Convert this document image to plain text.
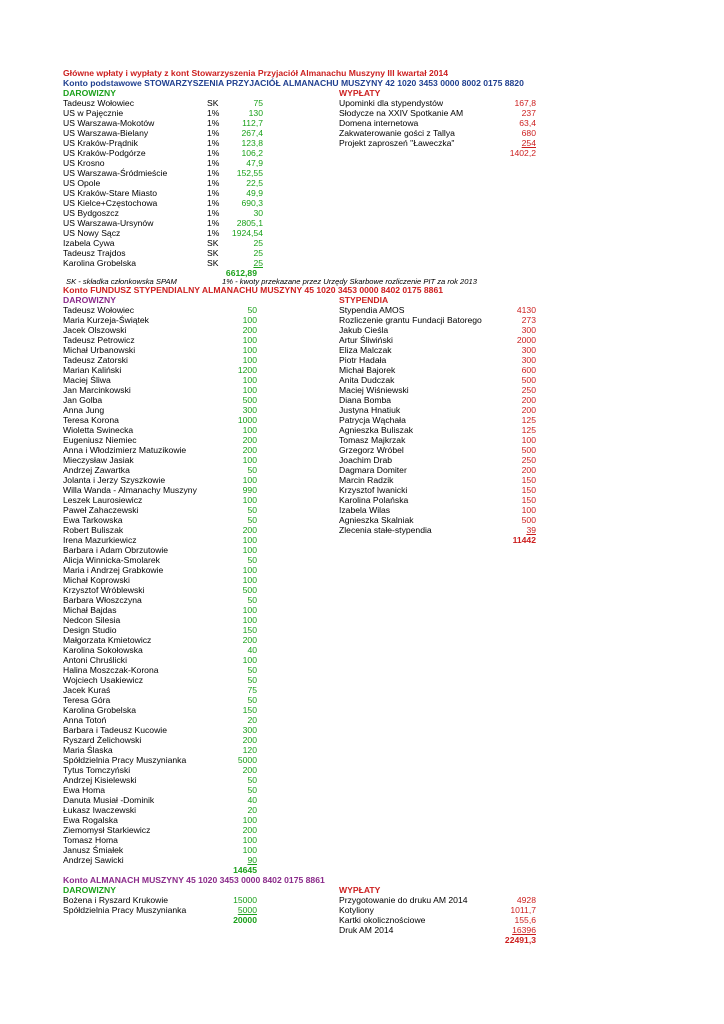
Główne wpłaty i wypłaty z kont Stowarzyszenia Przyjaciół Almanachu Muszyny III kwartał 2014
Konto podstawowe STOWARZYSZENIA PRZYJACIÓŁ ALMANACHU MUSZYNY 42 1020 3453 0000 8002 0175 8820
DAROWIZNY	WYPŁATY
Tadeusz Wołowiec	SK	75
US w Pajęcznie	1%	130
US Warszawa-Mokotów	1%	112,7
US Warszawa-Bielany	1%	267,4
US Kraków-Prądnik	1%	123,8
US Kraków-Podgórze	1%	106,2
US Krosno	1%	47,9
US Warszawa-Śródmieście	1%	152,55
US Opole	1%	22,5
US Kraków-Stare Miasto	1%	49,9
US Kielce+Częstochowa	1%	690,3
US Bydgoszcz	1%	30
US Warszawa-Ursynów	1%	2805,1
US Nowy Sącz	1%	1924,54
Izabela Cywa	SK	25
Tadeusz Trajdos	SK	25
Karolina Grobelska	SK	25
6612,89
Upominki dla stypendystów	167,8
Słodycze na XXIV Spotkanie AM	237
Domena internetowa	63,4
Zakwaterowanie gości z Tallya	680
Projekt zaproszeń "Ławeczka"	254
1402,2
SK - składka członkowska SPAM	1% - kwoty przekazane przez Urzędy Skarbowe rozliczenie PIT za rok 2013
Konto FUNDUSZ STYPENDIALNY ALMANACHU MUSZYNY 45 1020 3453 0000 8402 0175 8861
DAROWIZNY	STYPENDIA
Tadeusz Wołowiec	50
Maria Kurzeja-Świątek	100
Jacek Olszowski	200
Tadeusz Petrowicz	100
Michał Urbanowski	100
Tadeusz Zatorski	100
Marian Kaliński	1200
Maciej Śliwa	100
Jan Marcinkowski	100
Jan Golba	500
Anna Jung	300
Teresa Korona	1000
Wioletta Swinecka	100
Eugeniusz Niemiec	200
Anna i Włodzimierz Matuzikowie	200
Mieczysław Jasiak	100
Andrzej Zawartka	50
Jolanta i Jerzy Szyszkowie	100
Willa Wanda - Almanachy Muszyny	990
Leszek Laurosiewicz	100
Paweł Zahaczewski	50
Ewa Tarkowska	50
Robert Buliszak	200
Irena Mazurkiewicz	100
Barbara i Adam Obrzutowie	100
Alicja Winnicka-Smolarek	50
Maria i Andrzej Grabkowie	100
Michał Koprowski	100
Krzysztof Wróblewski	500
Barbara Włoszczyna	50
Michał Bajdas	100
Nedcon Silesia	100
Design Studio	150
Małgorzata Kmietowicz	200
Karolina Sokołowska	40
Antoni Chruślicki	100
Halina Moszczak-Korona	50
Wojciech Usakiewicz	50
Jacek Kuraś	75
Teresa Góra	50
Karolina Grobelska	150
Anna Totoń	20
Barbara i Tadeusz Kucowie	300
Ryszard Żelichowski	200
Maria Ślaska	120
Spółdzielnia Pracy Muszynianka	5000
Tytus Tomczyński	200
Andrzej Kisielewski	50
Ewa Homa	50
Danuta Musiał -Dominik	40
Łukasz Iwaczewski	20
Ewa Rogalska	100
Ziemomysł Starkiewicz	200
Tomasz Homa	100
Janusz Śmiałek	100
Andrzej Sawicki	90
14645
Stypendia AMOS	4130
Rozliczenie grantu Fundacji Batorego	273
Jakub Cieśla	300
Artur Śliwiński	2000
Eliza Malczak	300
Piotr Hadała	300
Michał Bajorek	600
Anita Dudczak	500
Maciej Wiśniewski	250
Diana Bomba	200
Justyna Hnatiuk	200
Patrycja Wąchała	125
Agnieszka Buliszak	125
Tomasz Majkrzak	100
Grzegorz Wróbel	500
Joachim Drab	250
Dagmara Domiter	200
Marcin Radzik	150
Krzysztof Iwanicki	150
Karolina Polańska	150
Izabela Wilas	100
Agnieszka Skalniak	500
Zlecenia stałe-stypendia	39
11442
Konto ALMANACH MUSZYNY 45 1020 3453 0000 8402 0175 8861
DAROWIZNY	WYPŁATY
Bożena i Ryszard Krukowie	15000
Spółdzielnia Pracy Muszynianka	5000
20000
Przygotowanie do druku AM 2014	4928
Kotyliony	1011,7
Kartki okolicznościowe	155,6
Druk AM 2014	16396
22491,3
